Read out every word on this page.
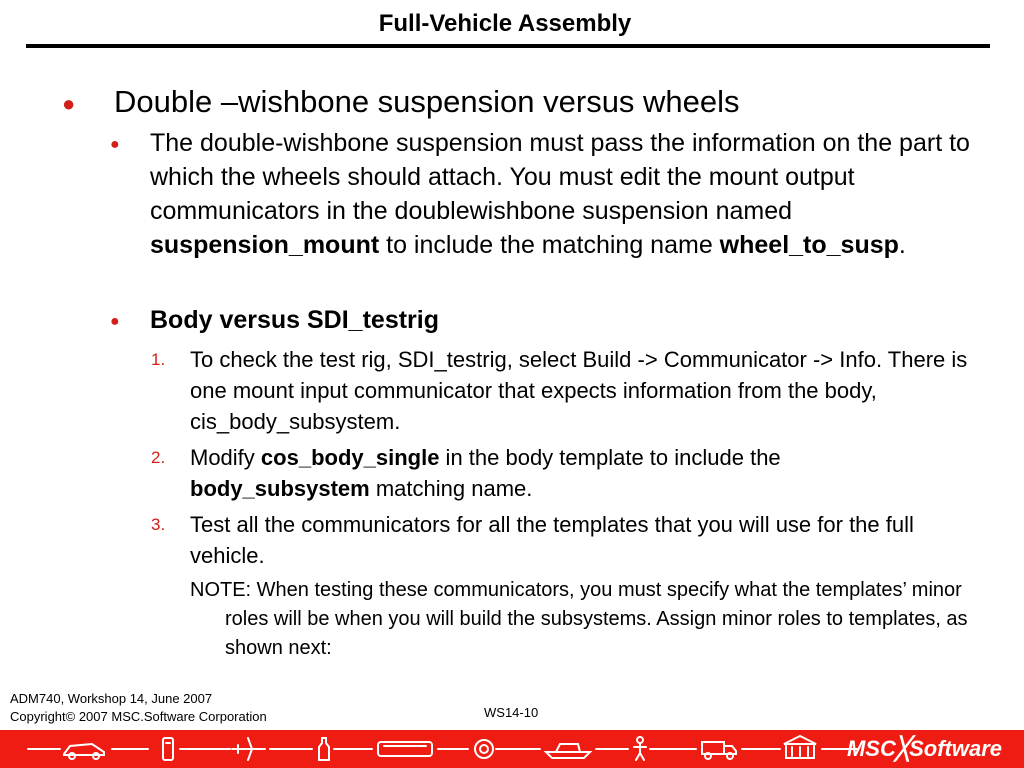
Full-Vehicle Assembly
● Double –wishbone suspension versus wheels
● The double-wishbone suspension must pass the information on the part to which the wheels should attach. You must edit the mount output communicators in the doublewishbone suspension named suspension_mount to include the matching name wheel_to_susp.
● Body versus SDI_testrig
1. To check the test rig, SDI_testrig, select Build -> Communicator -> Info. There is one mount input communicator that expects information from the body, cis_body_subsystem.
2. Modify cos_body_single in the body template to include the body_subsystem matching name.
3. Test all the communicators for all the templates that you will use for the full vehicle.
NOTE: When testing these communicators, you must specify what the templates’ minor roles will be when you will build the subsystems. Assign minor roles to templates, as shown next:
ADM740, Workshop 14, June 2007
Copyright© 2007 MSC.Software Corporation	WS14-10
MSC╳Software
